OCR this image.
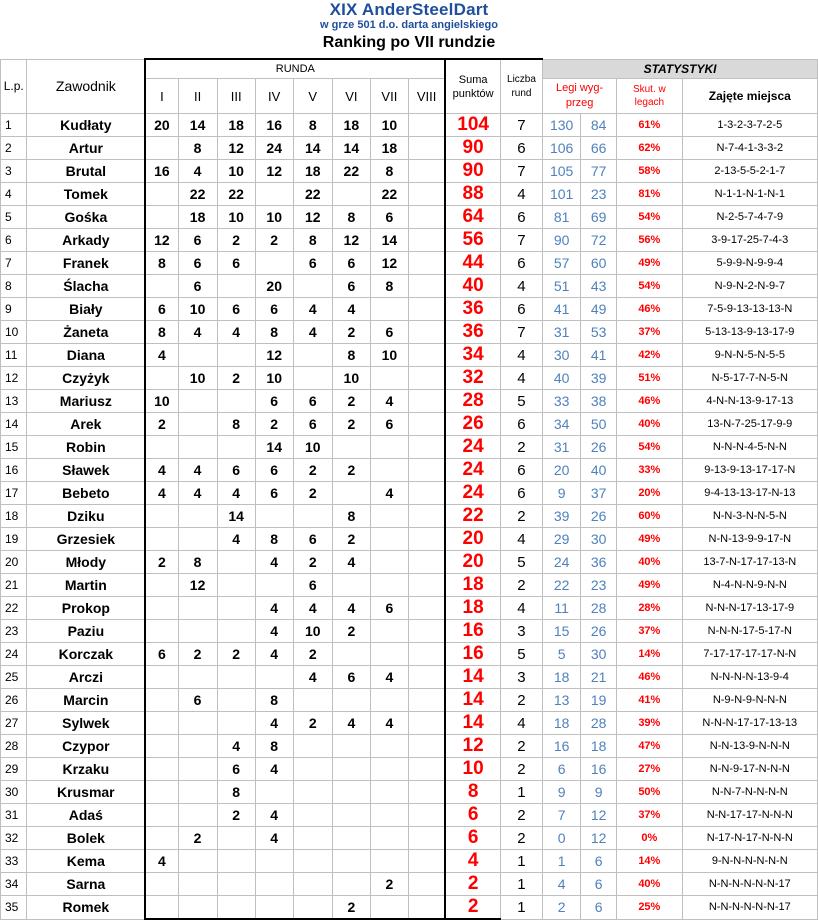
XIX AnderSteelDart
w grze 501 d.o. darta angielskiego
Ranking po VII rundzie
L.p.	Zawodnik	RUNDA								Suma punktów	Liczba rund	STATYSTYKI			
		I	II	III	IV	V	VI	VII	VIII			Legi wyg-przeg		Skut. w legach	Zajęte miejsca
1	Kudłaty	20	14	18	16	8	18	10		104	7	130	84	61%	1-3-2-3-7-2-5
2	Artur		8	12	24	14	14	18		90	6	106	66	62%	N-7-4-1-3-3-2
3	Brutal	16	4	10	12	18	22	8		90	7	105	77	58%	2-13-5-5-2-1-7
4	Tomek		22	22		22		22		88	4	101	23	81%	N-1-1-N-1-N-1
5	Gośka		18	10	10	12	8	6		64	6	81	69	54%	N-2-5-7-4-7-9
6	Arkady	12	6	2	2	8	12	14		56	7	90	72	56%	3-9-17-25-7-4-3
7	Franek	8	6	6		6	6	12		44	6	57	60	49%	5-9-9-N-9-9-4
8	Ślacha		6		20		6	8		40	4	51	43	54%	N-9-N-2-N-9-7
9	Biały	6	10	6	6	4	4			36	6	41	49	46%	7-5-9-13-13-13-N
10	Żaneta	8	4	4	8	4	2	6		36	7	31	53	37%	5-13-13-9-13-17-9
11	Diana	4			12		8	10		34	4	30	41	42%	9-N-N-5-N-5-5
12	Czyżyk		10	2	10		10			32	4	40	39	51%	N-5-17-7-N-5-N
13	Mariusz	10			6	6	2	4		28	5	33	38	46%	4-N-N-13-9-17-13
14	Arek	2		8	2	6	2	6		26	6	34	50	40%	13-N-7-25-17-9-9
15	Robin				14	10				24	2	31	26	54%	N-N-N-4-5-N-N
16	Sławek	4	4	6	6	2	2			24	6	20	40	33%	9-13-9-13-17-17-N
17	Bebeto	4	4	4	6	2		4		24	6	9	37	20%	9-4-13-13-17-N-13
18	Dziku			14			8			22	2	39	26	60%	N-N-3-N-N-5-N
19	Grzesiek			4	8	6	2			20	4	29	30	49%	N-N-13-9-9-17-N
20	Młody	2	8		4	2	4			20	5	24	36	40%	13-7-N-17-17-13-N
21	Martin		12			6				18	2	22	23	49%	N-4-N-N-9-N-N
22	Prokop				4	4	4	6		18	4	11	28	28%	N-N-N-17-13-17-9
23	Paziu				4	10	2			16	3	15	26	37%	N-N-N-17-5-17-N
24	Korczak	6	2	2	4	2				16	5	5	30	14%	7-17-17-17-17-N-N
25	Arczi					4	6	4		14	3	18	21	46%	N-N-N-N-13-9-4
26	Marcin		6		8					14	2	13	19	41%	N-9-N-9-N-N-N
27	Sylwek				4	2	4	4		14	4	18	28	39%	N-N-N-17-17-13-13
28	Czypor			4	8					12	2	16	18	47%	N-N-13-9-N-N-N
29	Krzaku			6	4					10	2	6	16	27%	N-N-9-17-N-N-N
30	Krusmar			8						8	1	9	9	50%	N-N-7-N-N-N-N
31	Adaś			2	4					6	2	7	12	37%	N-N-17-17-N-N-N
32	Bolek		2		4					6	2	0	12	0%	N-17-N-17-N-N-N
33	Kema	4								4	1	1	6	14%	9-N-N-N-N-N-N
34	Sarna							2		2	1	4	6	40%	N-N-N-N-N-N-17
35	Romek						2			2	1	2	6	25%	N-N-N-N-N-N-17
